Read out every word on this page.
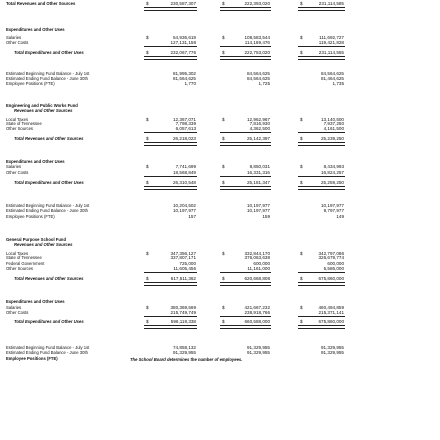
Total Revenues and Other Sources	$	230,587,307	$	222,393,020	$	231,114,585
Expenditures and Other Uses
Salaries	$	54,936,619	$	108,583,544	$	111,692,727
Other Costs	127,131,158	114,169,476	119,421,828
Total Expenditures and Other Uses	$	232,067,776	$	222,753,020	$	231,114,555
Estimated Beginning Fund Balance - July 1st	81,995,302	84,564,625	84,564,625
Estimated Ending Fund Balance - June 30th	81,564,625	84,564,625	81,464,625
Employee Positions (FTE)	1,770	1,725	1,735
Engineering and Public Works Fund
Revenues and Other Sources
Local Taxes	$	12,367,071	$	12,962,967	$	13,140,500
State of Tennessee	7,798,339	7,816,930	7,937,250
Other Sources	6,057,613	4,362,500	4,161,500
Total Revenues and Other Sources	$	26,218,023	$	25,142,397	$	25,239,250
Expenditures and Other Uses
Salaries	$	7,741,699	$	8,850,031	$	8,434,993
Other Costs	18,568,849	16,331,316	16,824,257
Total Expenditures and Other Uses	$	26,310,548	$	25,181,347	$	25,259,250
Estimated Beginning Fund Balance - July 1st	10,204,502	10,197,977	10,197,977
Estimated Ending Fund Balance - June 30th	10,197,977	10,197,977	9,797,977
Employee Positions (FTE)	157	159	149
General Purpose School Fund
Revenues and Other Sources
Local Taxes	$	347,356,127	$	332,844,170	$	342,797,086
State of Tennessee	337,807,171	376,063,638	326,679,774
Federal Government	725,000	600,000	600,000
Other Sources	11,605,456	11,161,000	5,586,000
Total Revenues and Other Sources	$	617,511,362	$	620,668,808	$	675,860,000
Expenditures and Other Uses
Salaries	$	380,369,569	$	421,667,232	$	460,494,859
Other Costs	215,749,749	238,918,766	215,371,141
Total Expenditures and Other Uses	$	596,118,338	$	660,588,000	$	675,860,000
Estimated Beginning Fund Balance - July 1st	74,858,132	91,329,955	91,329,955
Estimated Ending Fund Balance - June 30th	91,329,955	91,329,955	91,329,955
Employee Positions (FTE)	The School Board determines the number of employees.
